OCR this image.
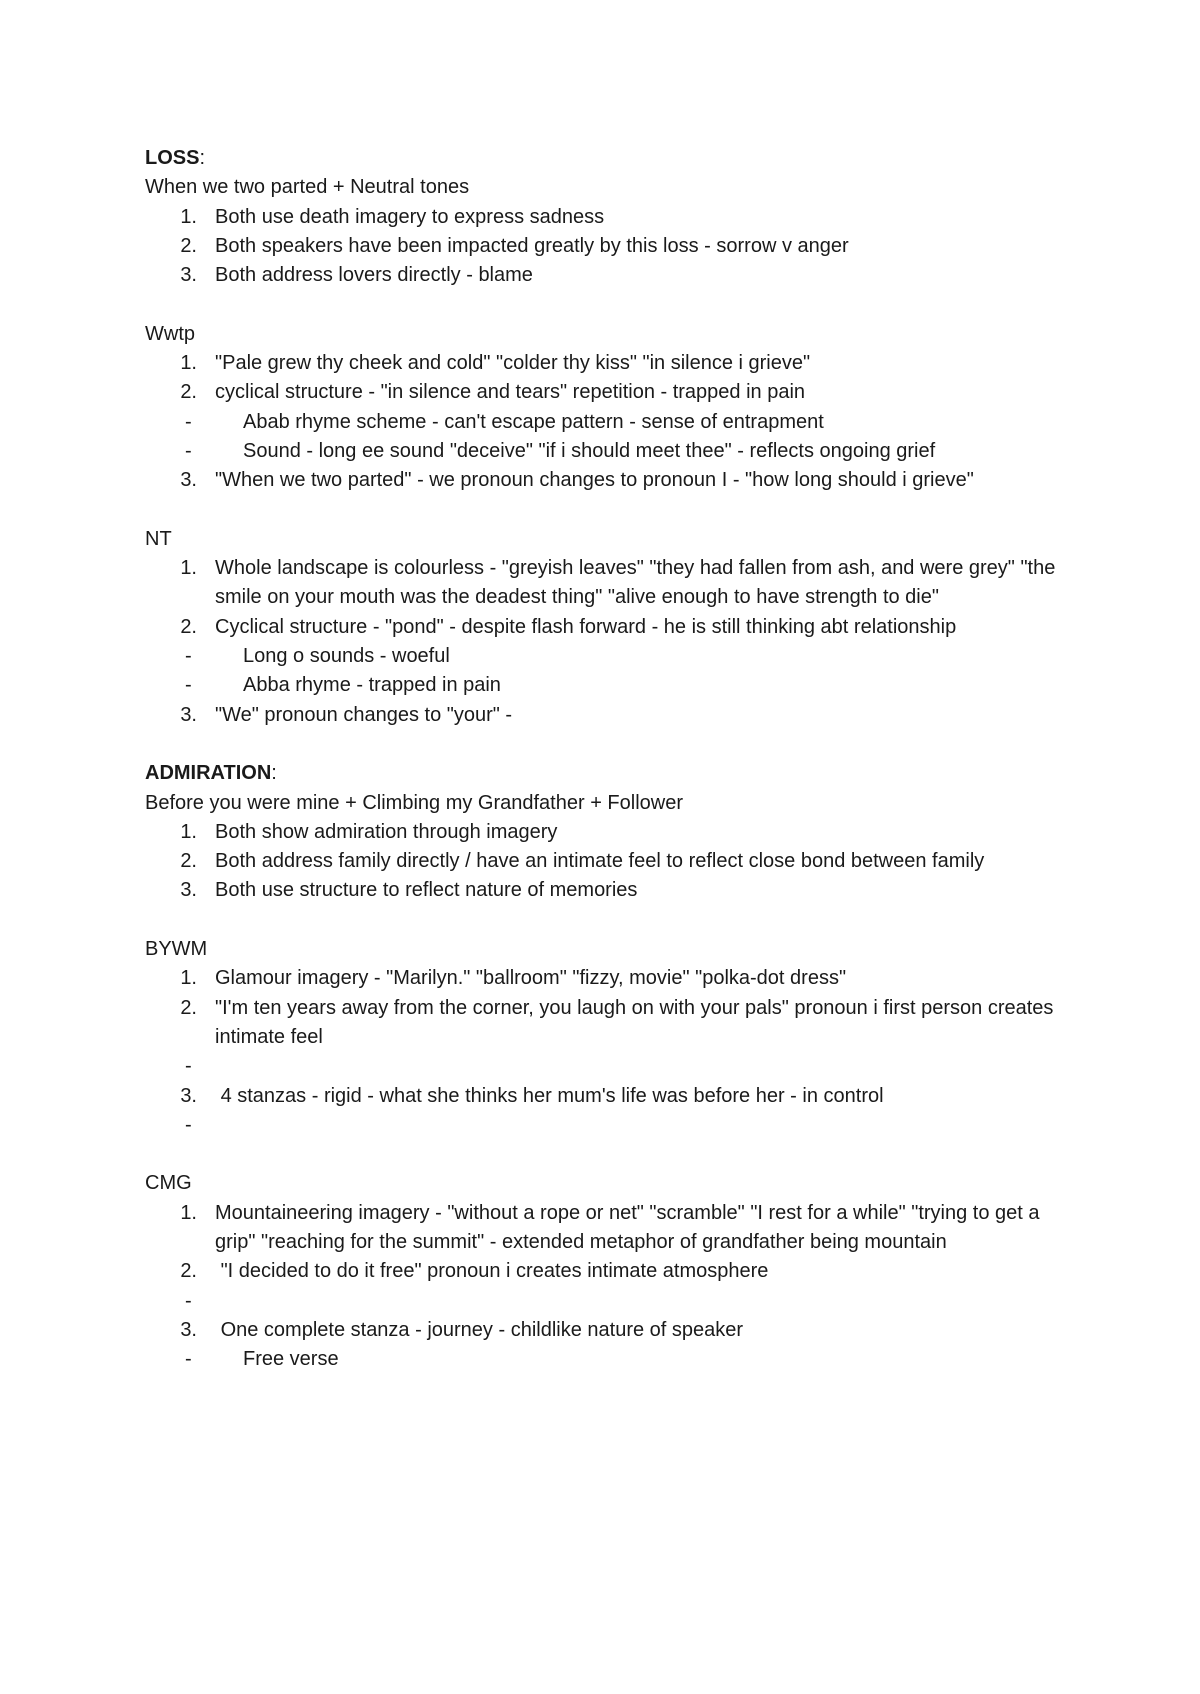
LOSS:
When we two parted + Neutral tones
1. Both use death imagery to express sadness
2. Both speakers have been impacted greatly by this loss - sorrow v anger
3. Both address lovers directly - blame
Wwtp
1. "Pale grew thy cheek and cold" "colder thy kiss" "in silence i grieve"
2. cyclical structure - "in silence and tears" repetition - trapped in pain
-	Abab rhyme scheme - can't escape pattern - sense of entrapment
-	Sound - long ee sound "deceive" "if i should meet thee" - reflects ongoing grief
3. "When we two parted" - we pronoun changes to pronoun I - "how long should i grieve"
NT
1. Whole landscape is colourless - "greyish leaves" "they had fallen from ash, and were grey" "the smile on your mouth was the deadest thing" "alive enough to have strength to die"
2. Cyclical structure - "pond" - despite flash forward - he is still thinking abt relationship
-	Long o sounds - woeful
-	Abba rhyme - trapped in pain
3. "We" pronoun changes to "your" -
ADMIRATION:
Before you were mine + Climbing my Grandfather + Follower
1. Both show admiration through imagery
2. Both address family directly / have an intimate feel to reflect close bond between family
3. Both use structure to reflect nature of memories
BYWM
1. Glamour imagery - "Marilyn." "ballroom" "fizzy, movie" "polka-dot dress"
2. "I'm ten years away from the corner, you laugh on with your pals" pronoun i first person creates intimate feel
-
3. 4 stanzas - rigid - what she thinks her mum's life was before her - in control
-
CMG
1. Mountaineering imagery - "without a rope or net" "scramble" "I rest for a while" "trying to get a grip" "reaching for the summit" - extended metaphor of grandfather being mountain
2. "I decided to do it free" pronoun i creates intimate atmosphere
-
3. One complete stanza - journey - childlike nature of speaker
-	Free verse
